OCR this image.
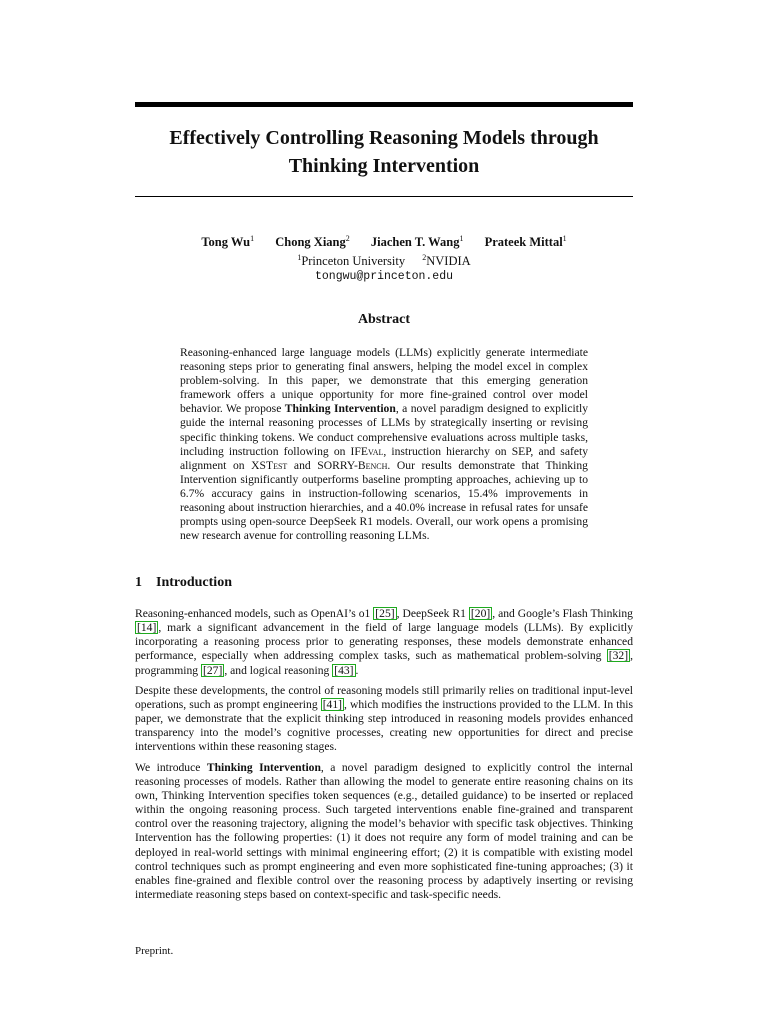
Effectively Controlling Reasoning Models through
Thinking Intervention
Tong Wu$^1$ Chong Xiang$^2$ Jiachen T. Wang$^1$ Prateek Mittal$^1$
$^1$Princeton University $^2$NVIDIA
tongwu@princeton.edu
Abstract
Reasoning-enhanced large language models (LLMs) explicitly generate intermediate reasoning steps prior to generating final answers, helping the model excel in complex problem-solving. In this paper, we demonstrate that this emerging generation framework offers a unique opportunity for more fine-grained control over model behavior. We propose Thinking Intervention, a novel paradigm designed to explicitly guide the internal reasoning processes of LLMs by strategically inserting or revising specific thinking tokens. We conduct comprehensive evaluations across multiple tasks, including instruction following on IFEval, instruction hierarchy on SEP, and safety alignment on XSTest and SORRY-Bench. Our results demonstrate that Thinking Intervention significantly outperforms baseline prompting approaches, achieving up to 6.7% accuracy gains in instruction-following scenarios, 15.4% improvements in reasoning about instruction hierarchies, and a 40.0% increase in refusal rates for unsafe prompts using open-source DeepSeek R1 models. Overall, our work opens a promising new research avenue for controlling reasoning LLMs.
1 Introduction

Reasoning-enhanced models, such as OpenAI’s o1 [25] , DeepSeek R1 [20] , and Google’s Flash Thinking [14] , mark a significant advancement in the field of large language models (LLMs). By explicitly incorporating a reasoning process prior to generating responses, these models demonstrate enhanced performance, especially when addressing complex tasks, such as mathematical problem-solving [32] , programming [27] , and logical reasoning [43] .

Despite these developments, the control of reasoning models still primarily relies on traditional input-level operations, such as prompt engineering [41] , which modifies the instructions provided to the LLM. In this paper, we demonstrate that the explicit thinking step introduced in reasoning models provides enhanced transparency into the model’s cognitive processes, creating new opportunities for direct and precise interventions within these reasoning stages.

We introduce Thinking Intervention, a novel paradigm designed to explicitly control the internal reasoning processes of models. Rather than allowing the model to generate entire reasoning chains on its own, Thinking Intervention specifies token sequences (e.g., detailed guidance) to be inserted or replaced within the ongoing reasoning process. Such targeted interventions enable fine-grained and transparent control over the reasoning trajectory, aligning the model’s behavior with specific task objectives. Thinking Intervention has the following properties: (1) it does not require any form of model training and can be deployed in real-world settings with minimal engineering effort; (2) it is compatible with existing model control techniques such as prompt engineering and even more sophisticated fine-tuning approaches; (3) it enables fine-grained and flexible control over the reasoning process by adaptively inserting or revising intermediate reasoning steps based on context-specific and task-specific needs.

Preprint.
